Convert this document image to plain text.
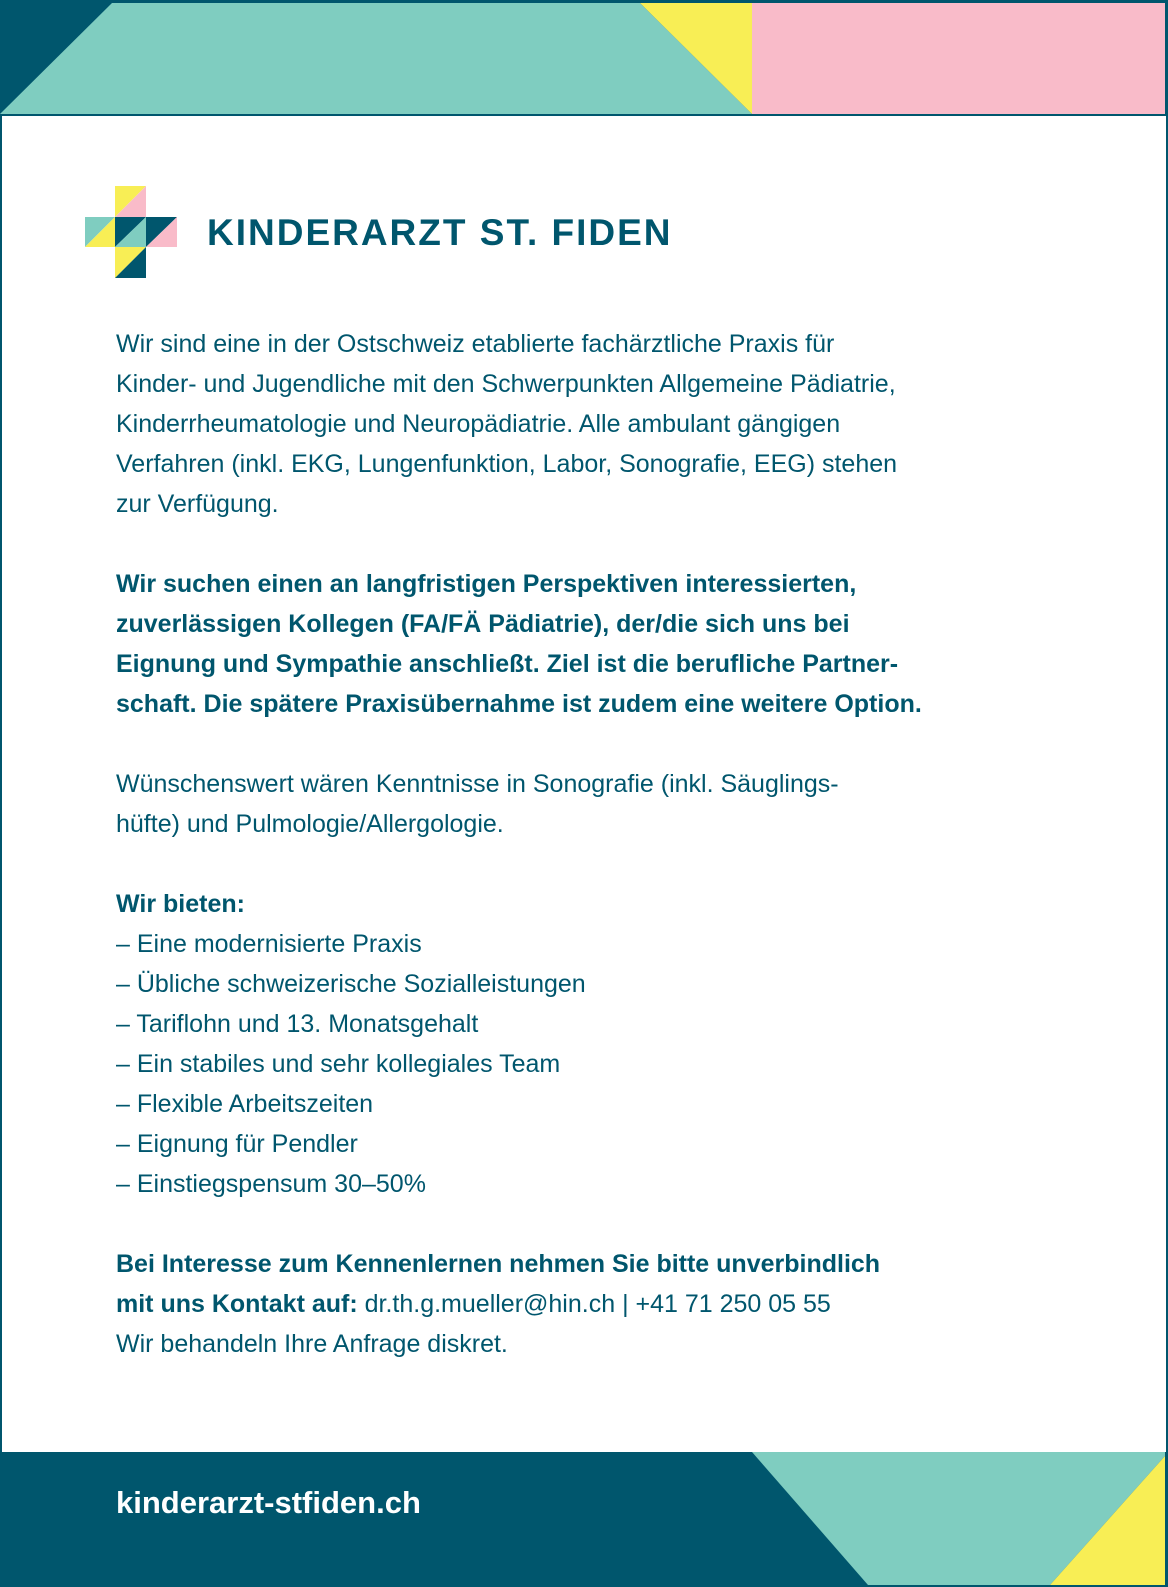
KINDERARZT ST. FIDEN
Wir sind eine in der Ostschweiz etablierte fachärztliche Praxis für
Kinder- und Jugendliche mit den Schwerpunkten Allgemeine Pädiatrie,
Kinderrheumatologie und Neuropädiatrie. Alle ambulant gängigen
Verfahren (inkl. EKG, Lungenfunktion, Labor, Sonografie, EEG) stehen
zur Verfügung.
Wir suchen einen an langfristigen Perspektiven interessierten,
zuverlässigen Kollegen (FA/FÄ Pädiatrie), der/die sich uns bei
Eignung und Sympathie anschließt. Ziel ist die berufliche Partner-
schaft. Die spätere Praxisübernahme ist zudem eine weitere Option.
Wünschenswert wären Kenntnisse in Sonografie (inkl. Säuglings-
hüfte) und Pulmologie/Allergologie.
Wir bieten:
– Eine modernisierte Praxis
– Übliche schweizerische Sozialleistungen
– Tariflohn und 13. Monatsgehalt
– Ein stabiles und sehr kollegiales Team
– Flexible Arbeitszeiten
– Eignung für Pendler
– Einstiegspensum 30–50%
Bei Interesse zum Kennenlernen nehmen Sie bitte unverbindlich
mit uns Kontakt auf: dr.th.g.mueller@hin.ch | +41 71 250 05 55
Wir behandeln Ihre Anfrage diskret.
kinderarzt-stfiden.ch
